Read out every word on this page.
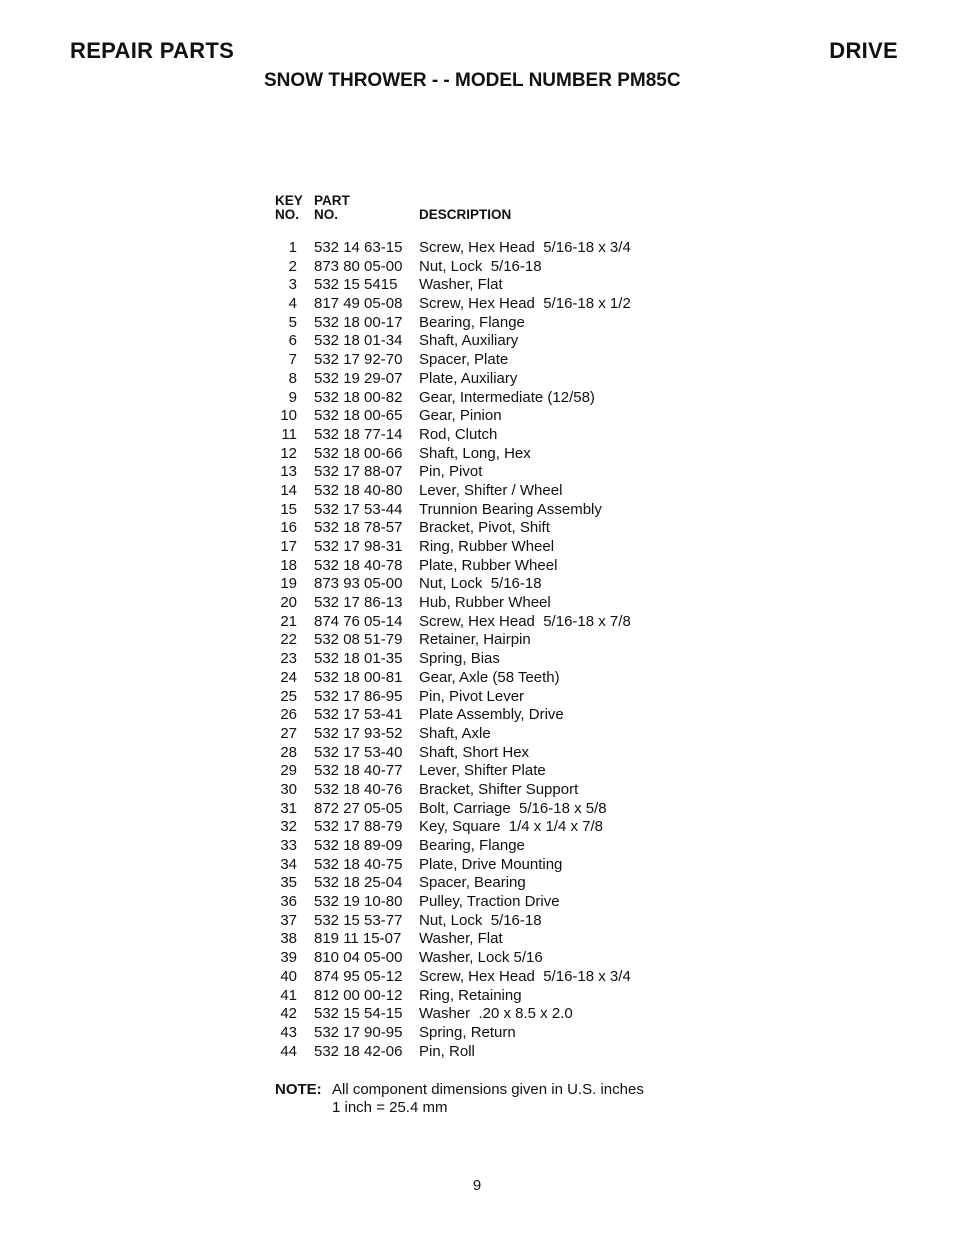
REPAIR PARTS	DRIVE
SNOW THROWER - - MODEL NUMBER PM85C
KEY
NO.
PART
NO.	DESCRIPTION
1 532 14 63-15 Screw, Hex Head  5/16-18 x 3/4
2 873 80 05-00 Nut, Lock  5/16-18
3 532 15 5415 Washer, Flat
4 817 49 05-08 Screw, Hex Head  5/16-18 x 1/2
5 532 18 00-17 Bearing, Flange
6 532 18 01-34 Shaft, Auxiliary
7 532 17 92-70 Spacer, Plate
8 532 19 29-07 Plate, Auxiliary
9 532 18 00-82 Gear, Intermediate (12/58)
10 532 18 00-65 Gear, Pinion
11 532 18 77-14 Rod, Clutch
12 532 18 00-66 Shaft, Long, Hex
13 532 17 88-07 Pin, Pivot
14 532 18 40-80 Lever, Shifter / Wheel
15 532 17 53-44 Trunnion Bearing Assembly
16 532 18 78-57 Bracket, Pivot, Shift
17 532 17 98-31 Ring, Rubber Wheel
18 532 18 40-78 Plate, Rubber Wheel
19 873 93 05-00 Nut, Lock  5/16-18
20 532 17 86-13 Hub, Rubber Wheel
21 874 76 05-14 Screw, Hex Head  5/16-18 x 7/8
22 532 08 51-79 Retainer, Hairpin
23 532 18 01-35 Spring, Bias
24 532 18 00-81 Gear, Axle (58 Teeth)
25 532 17 86-95 Pin, Pivot Lever
26 532 17 53-41 Plate Assembly, Drive
27 532 17 93-52 Shaft, Axle
28 532 17 53-40 Shaft, Short Hex
29 532 18 40-77 Lever, Shifter Plate
30 532 18 40-76 Bracket, Shifter Support
31 872 27 05-05 Bolt, Carriage  5/16-18 x 5/8
32 532 17 88-79 Key, Square  1/4 x 1/4 x 7/8
33 532 18 89-09 Bearing, Flange
34 532 18 40-75 Plate, Drive Mounting
35 532 18 25-04 Spacer, Bearing
36 532 19 10-80 Pulley, Traction Drive
37 532 15 53-77 Nut, Lock  5/16-18
38 819 11 15-07 Washer, Flat
39 810 04 05-00 Washer, Lock 5/16
40 874 95 05-12 Screw, Hex Head  5/16-18 x 3/4
41 812 00 00-12 Ring, Retaining
42 532 15 54-15 Washer  .20 x 8.5 x 2.0
43 532 17 90-95 Spring, Return
44 532 18 42-06 Pin, Roll
NOTE: All component dimensions given in U.S. inches
1 inch = 25.4 mm
9
